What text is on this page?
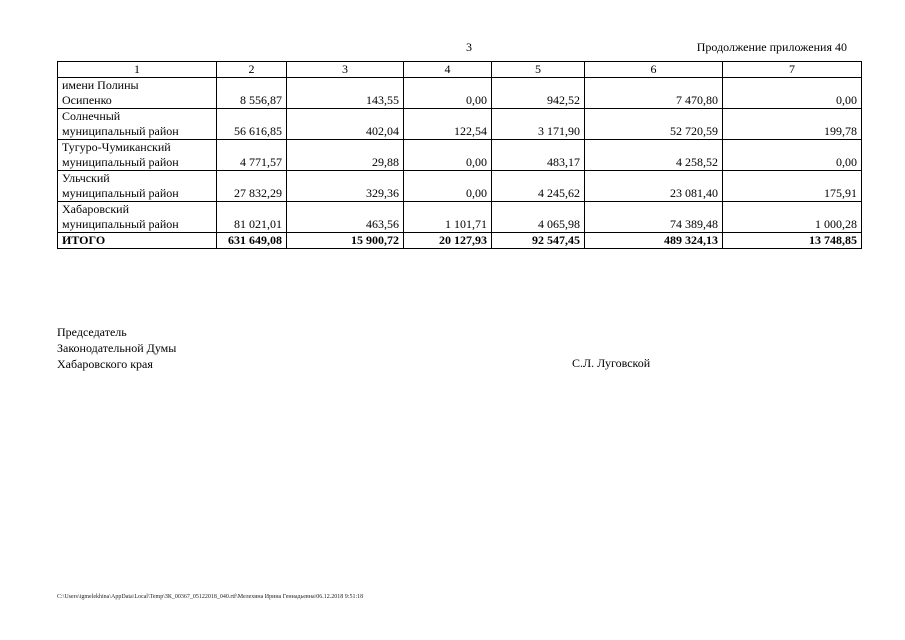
3	Продолжение приложения 40
1	2	3	4	5	6	7
имени Полины
Осипенко	8 556,87	143,55	0,00	942,52	7 470,80	0,00
Солнечный
муниципальный район	56 616,85	402,04	122,54	3 171,90	52 720,59	199,78
Тугуро-Чумиканский
муниципальный район	4 771,57	29,88	0,00	483,17	4 258,52	0,00
Ульчский
муниципальный район	27 832,29	329,36	0,00	4 245,62	23 081,40	175,91
Хабаровский
муниципальный район	81 021,01	463,56	1 101,71	4 065,98	74 389,48	1 000,28
ИТОГО	631 649,08	15 900,72	20 127,93	92 547,45	489 324,13	13 748,85
Председатель
Законодательной Думы
Хабаровского края	С.Л. Луговской
C:\Users\igmelekhina\AppData\Local\Temp\ЗК_00367_05122018_040.rtf\Мелехина Ирина Геннадьевна\06.12.2018 9:51:18
